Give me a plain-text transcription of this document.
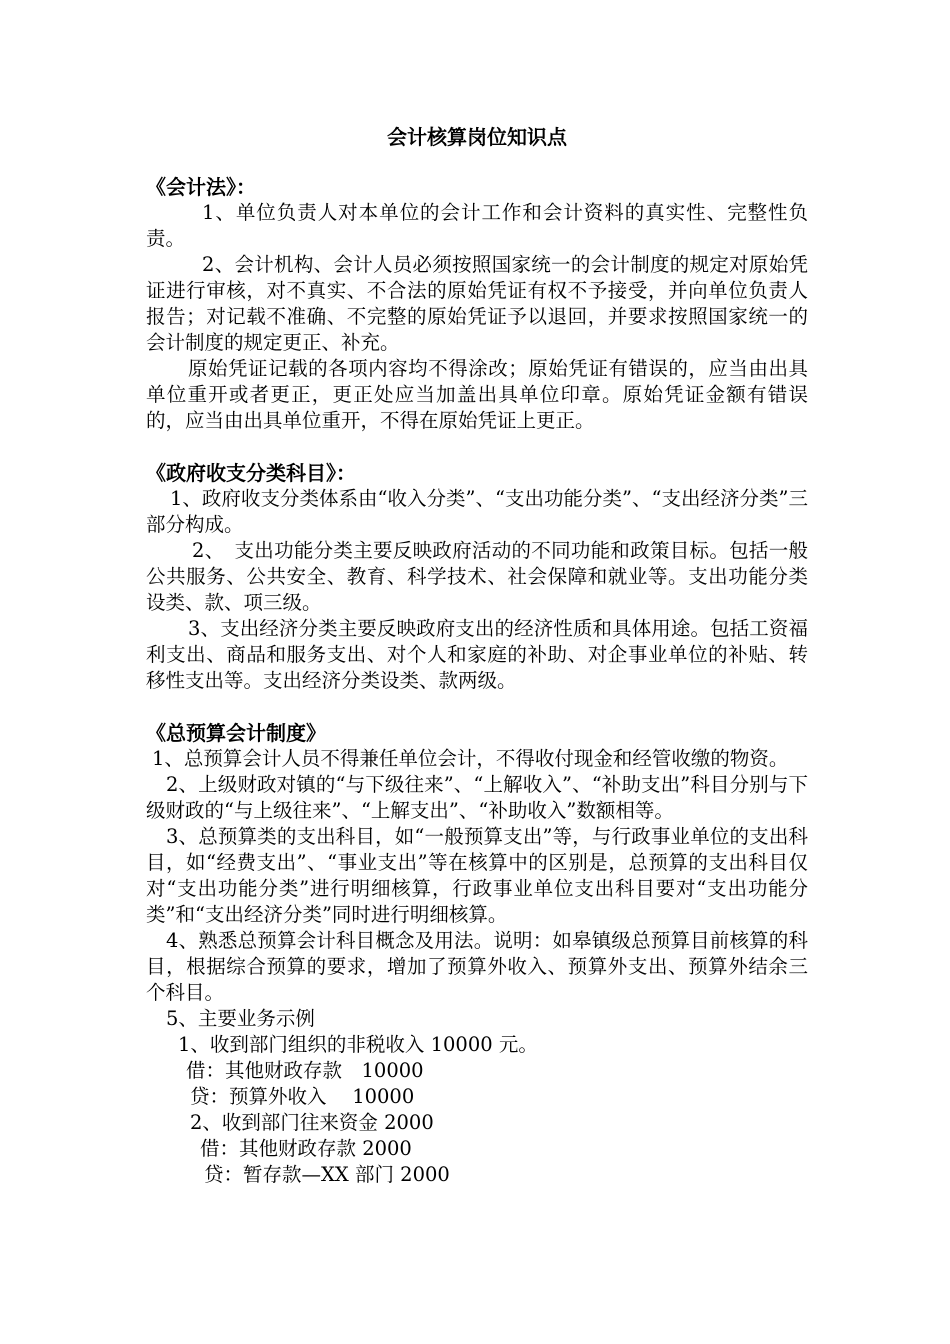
会计核算岗位知识点
《会计法》：

1、单位负责人对本单位的会计工作和会计资料的真实性、完整性负责。

2、会计机构、会计人员必须按照国家统一的会计制度的规定对原始凭证进行审核，对不真实、不合法的原始凭证有权不予接受，并向单位负责人报告；对记载不准确、不完整的原始凭证予以退回，并要求按照国家统一的会计制度的规定更正、补充。

原始凭证记载的各项内容均不得涂改；原始凭证有错误的，应当由出具单位重开或者更正，更正处应当加盖出具单位印章。原始凭证金额有错误的，应当由出具单位重开，不得在原始凭证上更正。

《政府收支分类科目》：

1、政府收支分类体系由“收入分类”、“支出功能分类”、“支出经济分类”三部分构成。

2、　支出功能分类主要反映政府活动的不同功能和政策目标。包括一般公共服务、公共安全、教育、科学技术、社会保障和就业等。支出功能分类设类、款、项三级。

3、支出经济分类主要反映政府支出的经济性质和具体用途。包括工资福利支出、商品和服务支出、对个人和家庭的补助、对企事业单位的补贴、转移性支出等。支出经济分类设类、款两级。

《总预算会计制度》

1、总预算会计人员不得兼任单位会计，不得收付现金和经管收缴的物资。

2、上级财政对镇的“与下级往来”、“上解收入”、“补助支出”科目分别与下级财政的“与上级往来”、“上解支出”、“补助收入”数额相等。

3、总预算类的支出科目，如“一般预算支出”等，与行政事业单位的支出科目，如“经费支出”、“事业支出”等在核算中的区别是，总预算的支出科目仅对“支出功能分类”进行明细核算，行政事业单位支出科目要对“支出功能分类”和“支出经济分类”同时进行明细核算。

4、熟悉总预算会计科目概念及用法。说明：如皋镇级总预算目前核算的科目，根据综合预算的要求，增加了预算外收入、预算外支出、预算外结余三个科目。

5、主要业务示例

1、收到部门组织的非税收入 10000 元。

借：其他财政存款　10000

贷：预算外收入　 10000

2、收到部门往来资金 2000

借：其他财政存款 2000

贷：暂存款—XX 部门 2000
